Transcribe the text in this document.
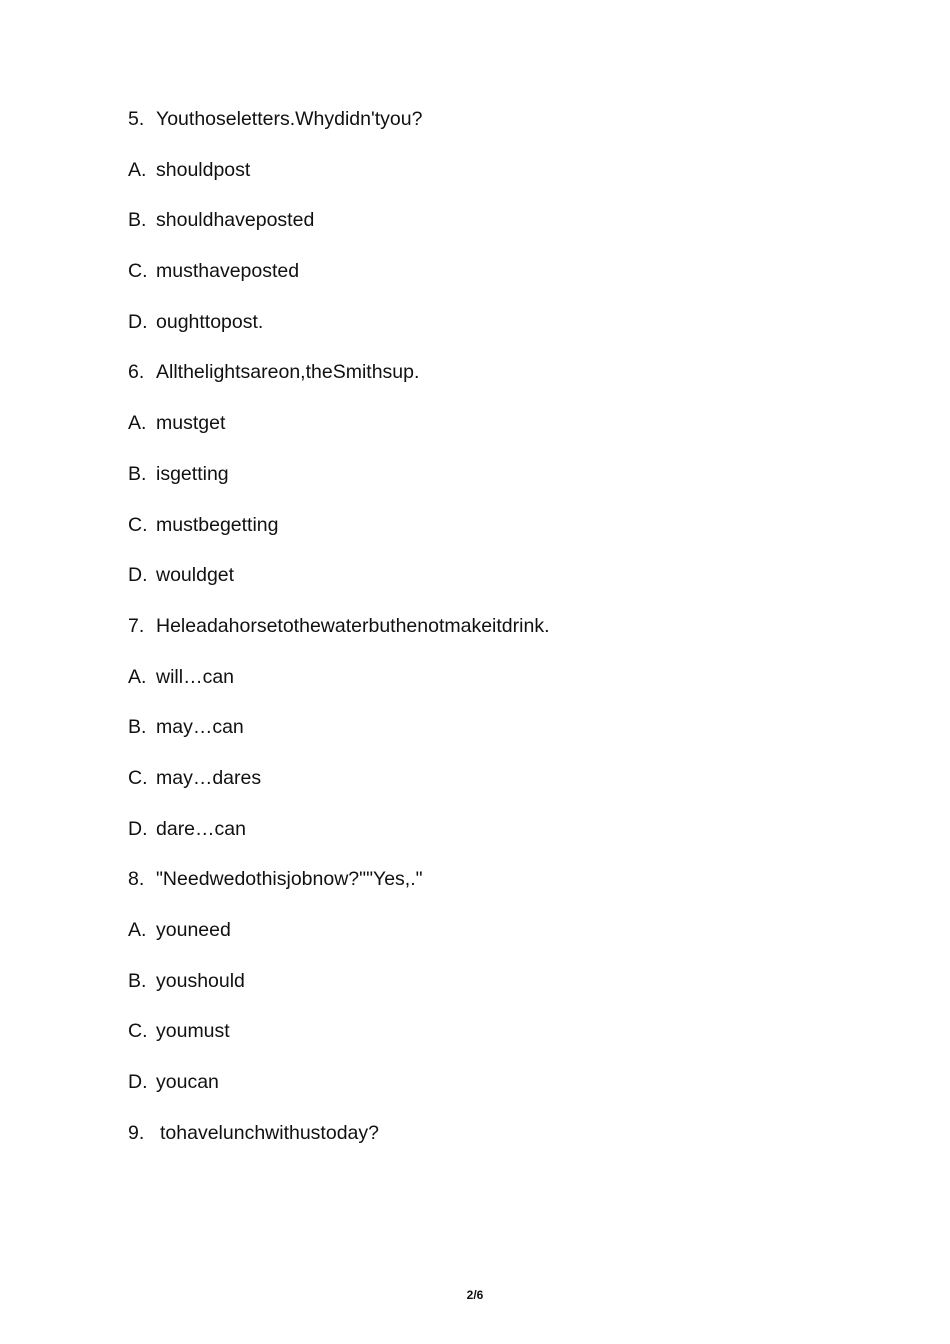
5. Youthoseletters.Whydidn'tyou?
A. shouldpost
B. shouldhaveposted
C. musthaveposted
D. oughttopost.
6. Allthelightsareon,theSmithsup.
A. mustget
B. isgetting
C. mustbegetting
D. wouldget
7. Heleadahorsetothewaterbuthenotmakeitdrink.
A. will…can
B. may…can
C. may…dares
D. dare…can
8. "Needwedothisjobnow?""Yes,."
A. youneed
B. youshould
C. youmust
D. youcan
9. tohavelunchwithustoday?
2/6
